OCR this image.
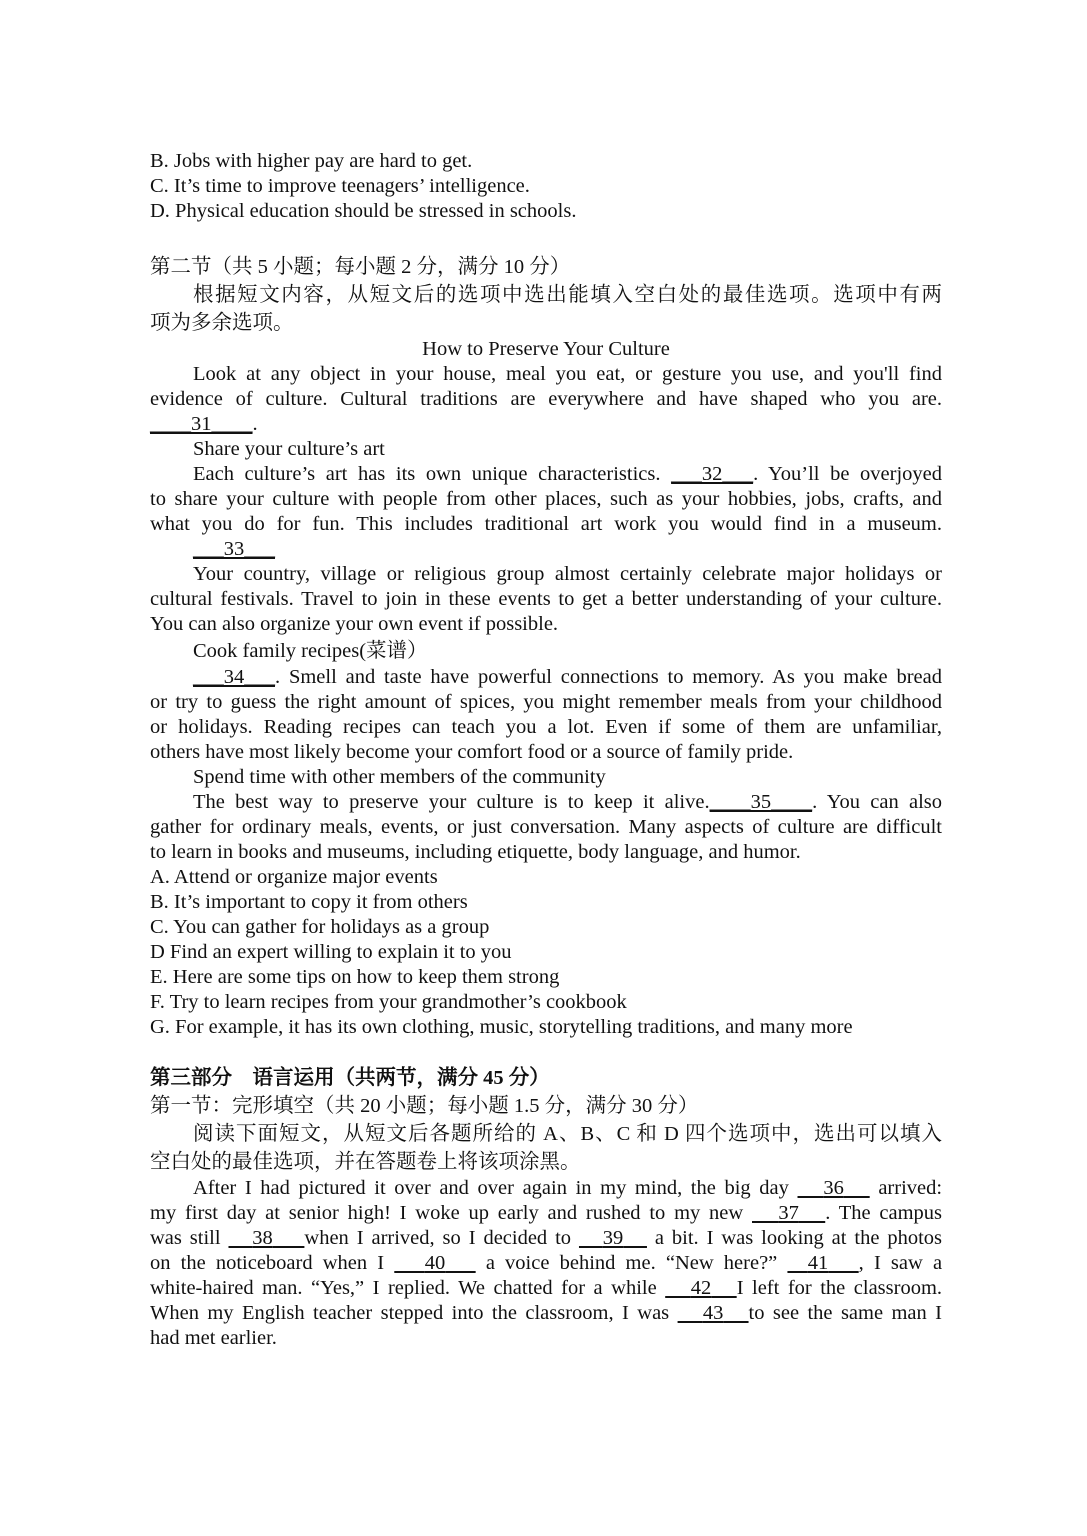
B. Jobs with higher pay are hard to get.
C. It’s time to improve teenagers’ intelligence.
D. Physical education should be stressed in schools.
第二节（共 5 小题；每小题 2 分，满分 10 分）
根据短文内容，从短文后的选项中选出能填入空白处的最佳选项。选项中有两
项为多余选项。
How to Preserve Your Culture
Look at any object in your house, meal you eat, or gesture you use, and you'll find
evidence of culture. Cultural traditions are everywhere and have shaped who you are.
____31____.
Share your culture’s art
Each culture’s art has its own unique characteristics. ___32___. You’ll be overjoyed
to share your culture with people from other places, such as your hobbies, jobs, crafts, and
what you do for fun. This includes traditional art work you would find in a museum.
___33___
Your country, village or religious group almost certainly celebrate major holidays or
cultural festivals. Travel to join in these events to get a better understanding of your culture.
You can also organize your own event if possible.
Cook family recipes(菜谱）
___34___. Smell and taste have powerful connections to memory. As you make bread
or try to guess the right amount of spices, you might remember meals from your childhood
or holidays. Reading recipes can teach you a lot. Even if some of them are unfamiliar,
others have most likely become your comfort food or a source of family pride.
Spend time with other members of the community
The best way to preserve your culture is to keep it alive.____35____. You can also
gather for ordinary meals, events, or just conversation. Many aspects of culture are difficult
to learn in books and museums, including etiquette, body language, and humor.
A. Attend or organize major events
B. It’s important to copy it from others
C. You can gather for holidays as a group
D Find an expert willing to explain it to you
E. Here are some tips on how to keep them strong
F. Try to learn recipes from your grandmother’s cookbook
G. For example, it has its own clothing, music, storytelling traditions, and many more
第三部分　语言运用（共两节，满分 45 分）
第一节：完形填空（共 20 小题；每小题 1.5 分，满分 30 分）
阅读下面短文，从短文后各题所给的 A、B、C 和 D 四个选项中，选出可以填入
空白处的最佳选项，并在答题卷上将该项涂黑。
After I had pictured it over and over again in my mind, the big day 36 arrived:
my first day at senior high! I woke up early and rushed to my new 37 . The campus
was still 38 when I arrived, so I decided to 39 a bit. I was looking at the photos
on the noticeboard when I 40 a voice behind me. “New here?” 41 , I saw a
white-haired man. “Yes,” I replied. We chatted for a while 42 I left for the classroom.
When my English teacher stepped into the classroom, I was 43 to see the same man I
had met earlier.
